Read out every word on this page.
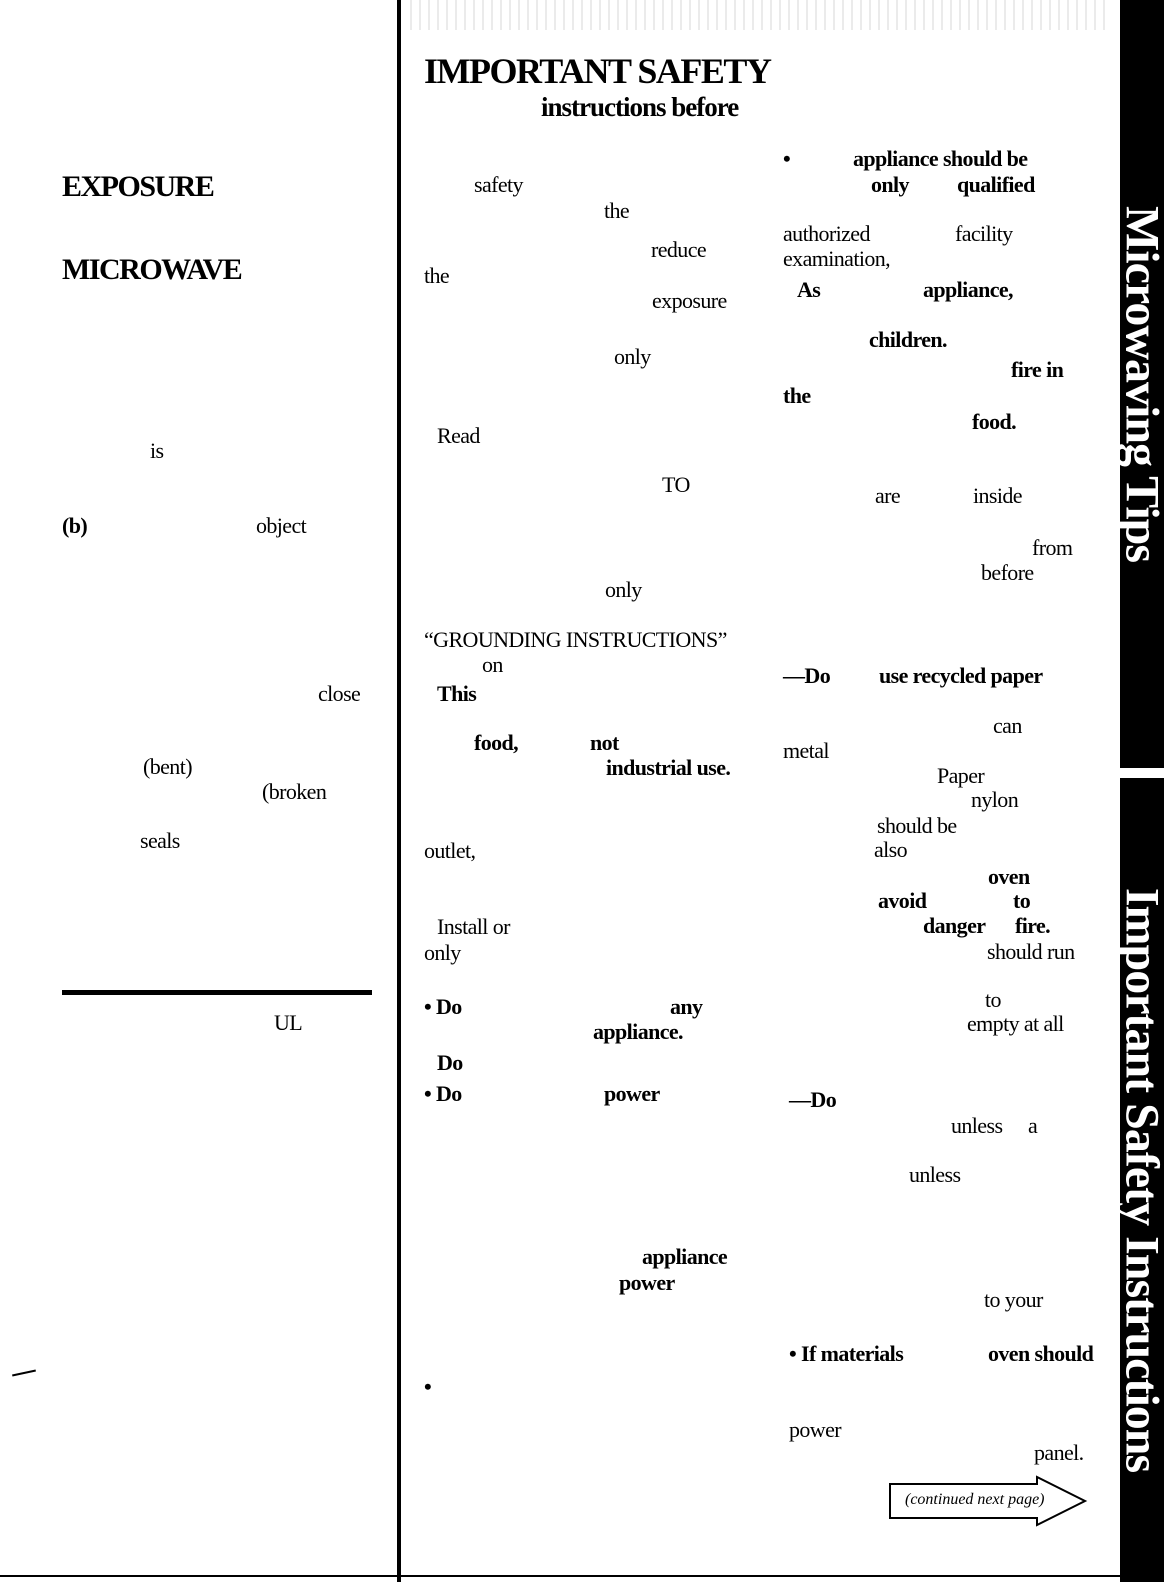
EXPOSURE
MICROWAVE
is
(b)	object
close
(bent)
(broken
seals
UL
IMPORTANT SAFETY
instructions before
safety
the
reduce
the
exposure
only
Read
TO
only
“GROUNDING INSTRUCTIONS”
on
This
food,	not
industrial use.
outlet,
Install or
only
• Do	any
appliance.
Do
• Do	power
appliance
power
•
•	appliance should be
only qualified
authorized	facility
examination,
As	appliance,
children.
fire in
the
food.
are	inside
from
before
—Do use recycled paper
can
metal
Paper
nylon
should be
also
oven
avoid	to
danger fire.
should run
to
empty at all
—Do
unless a
unless
to your
• If materials	oven should
power
panel.
(continued next page)
Microwaving Tips
Important Safety Instructions
